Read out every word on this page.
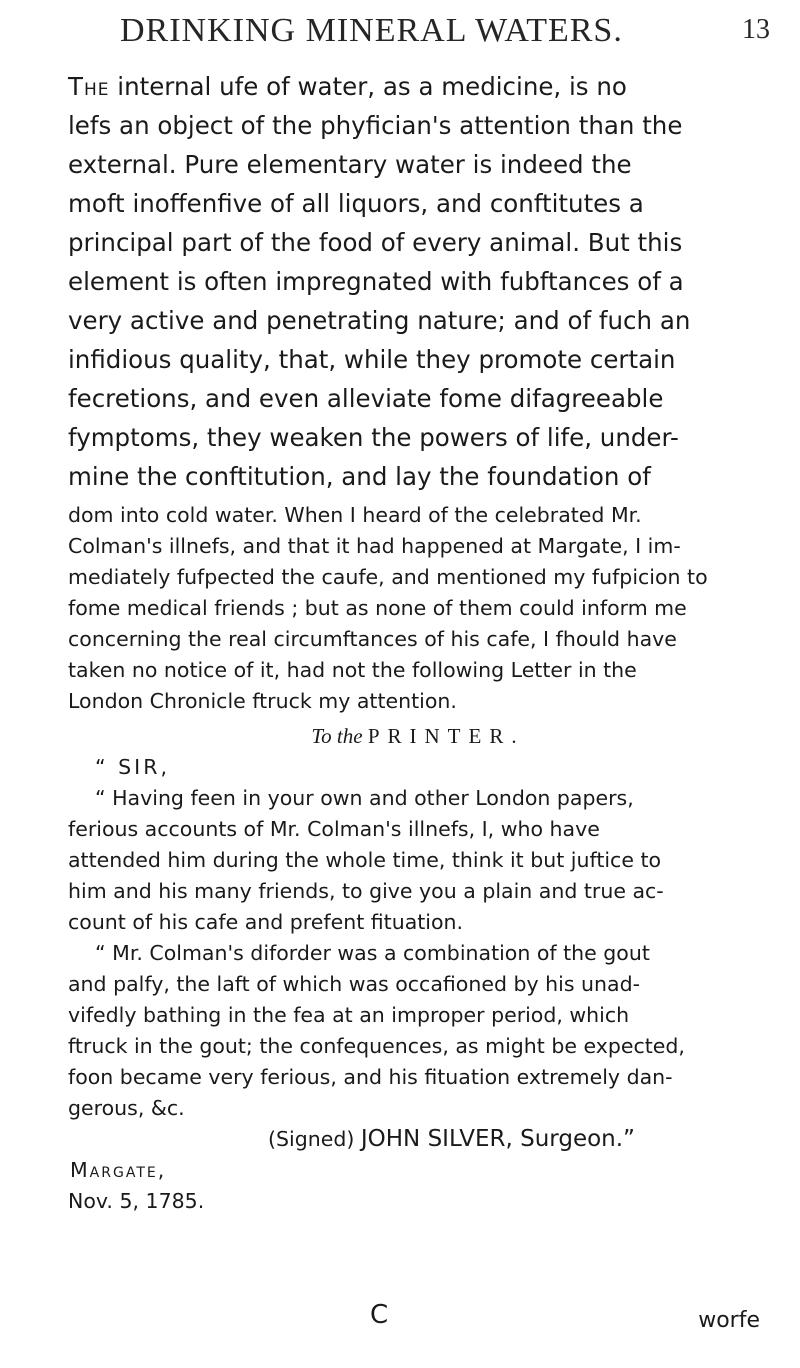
DRINKING MINERAL WATERS.	13
The internal ufe of water, as a medicine, is no
lefs an object of the phyfician's attention than the
external. Pure elementary water is indeed the
moft inoffenfive of all liquors, and conftitutes a
principal part of the food of every animal. But this
element is often impregnated with fubftances of a
very active and penetrating nature; and of fuch an
infidious quality, that, while they promote certain
fecretions, and even alleviate fome difagreeable
fymptoms, they weaken the powers of life, under-
mine the conftitution, and lay the foundation of
dom into cold water. When I heard of the celebrated Mr.
Colman's illnefs, and that it had happened at Margate, I im-
mediately fufpected the caufe, and mentioned my fufpicion to
fome medical friends ; but as none of them could inform me
concerning the real circumftances of his cafe, I fhould have
taken no notice of it, had not the following Letter in the
London Chronicle ftruck my attention.
To the PRINTER.
“ SIR,
“ Having feen in your own and other London papers,
ferious accounts of Mr. Colman's illnefs, I, who have
attended him during the whole time, think it but juftice to
him and his many friends, to give you a plain and true ac-
count of his cafe and prefent fituation.
“ Mr. Colman's diforder was a combination of the gout
and palfy, the laft of which was occafioned by his unad-
vifedly bathing in the fea at an improper period, which
ftruck in the gout; the confequences, as might be expected,
foon became very ferious, and his fituation extremely dan-
gerous, &c.
(Signed) JOHN SILVER, Surgeon.”
Margate,
Nov. 5, 1785.
C	worfe
